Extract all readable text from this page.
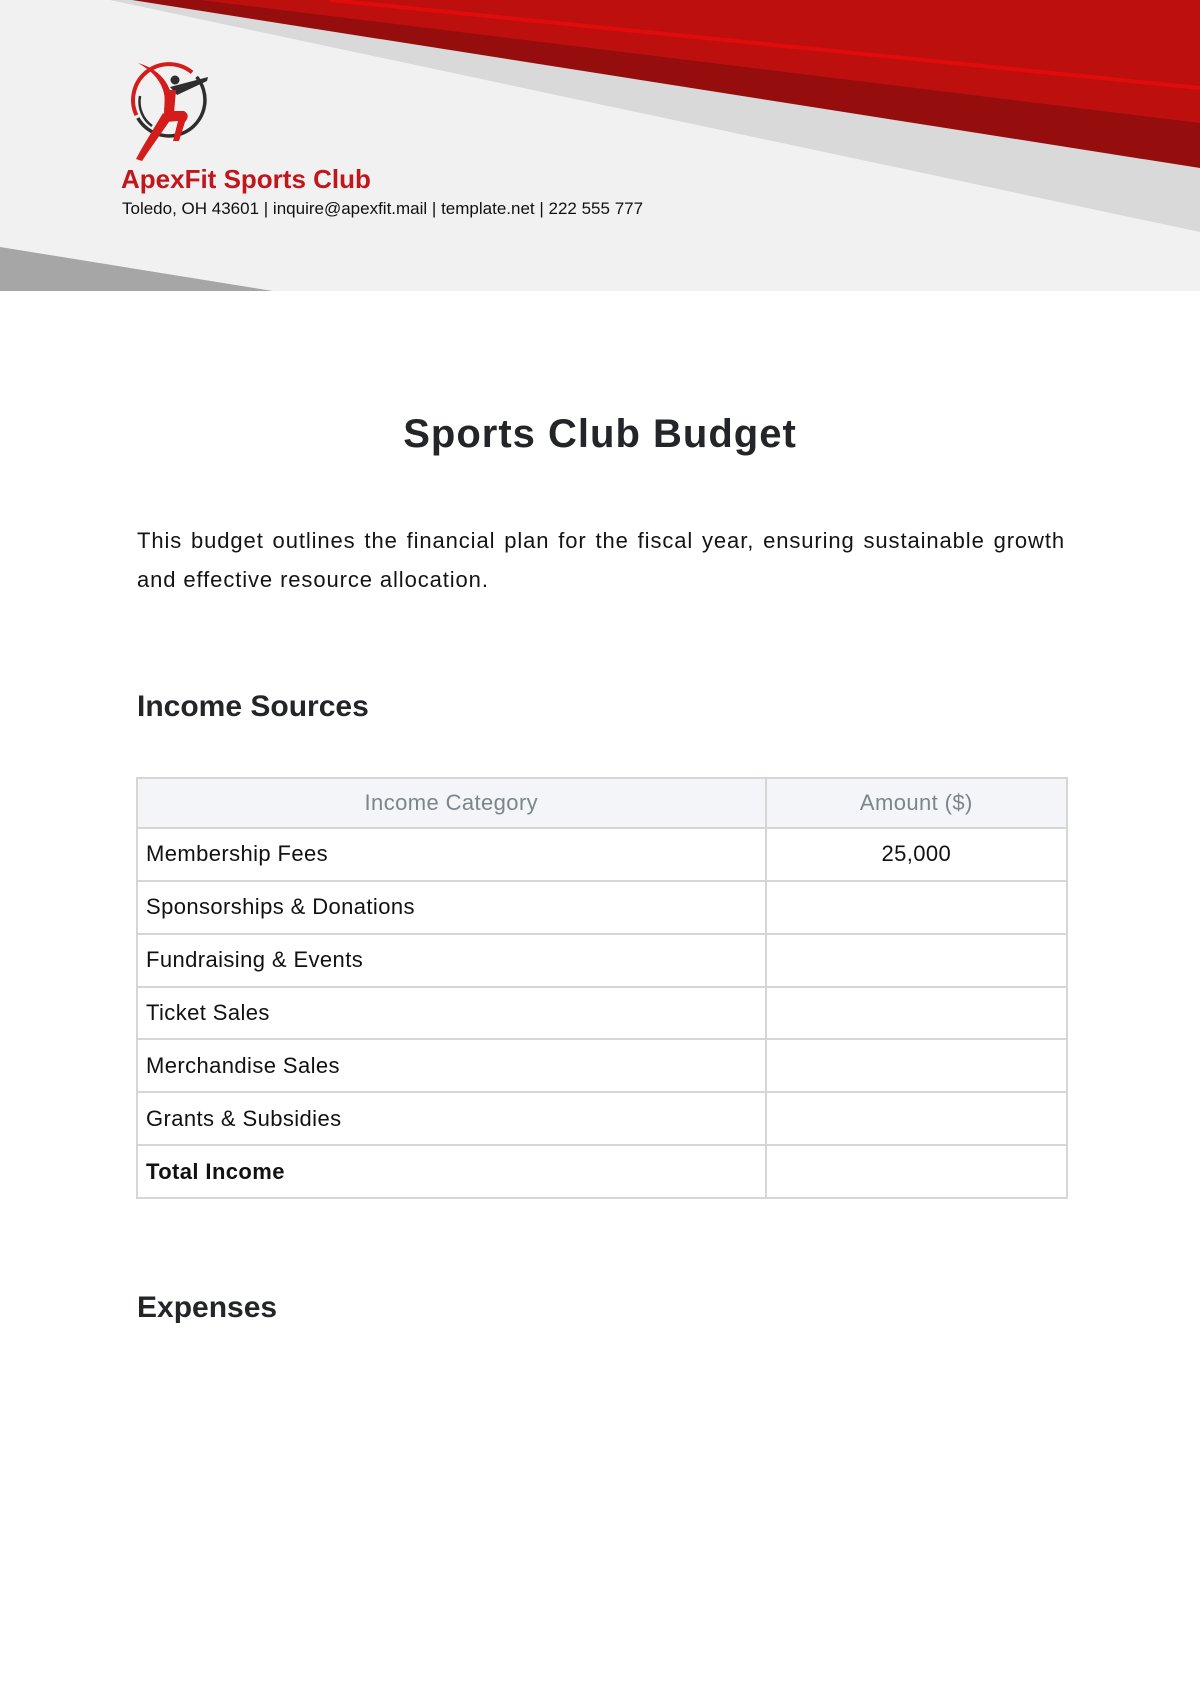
ApexFit Sports Club
Toledo, OH 43601 | inquire@apexfit.mail | template.net | 222 555 777
Sports Club Budget

This budget outlines the financial plan for the fiscal year, ensuring sustainable growth and effective resource allocation.

Income Sources
Income Category	Amount ($)
Membership Fees	25,000
Sponsorships & Donations	
Fundraising & Events	
Ticket Sales	
Merchandise Sales	
Grants & Subsidies	
Total Income	
Expenses
